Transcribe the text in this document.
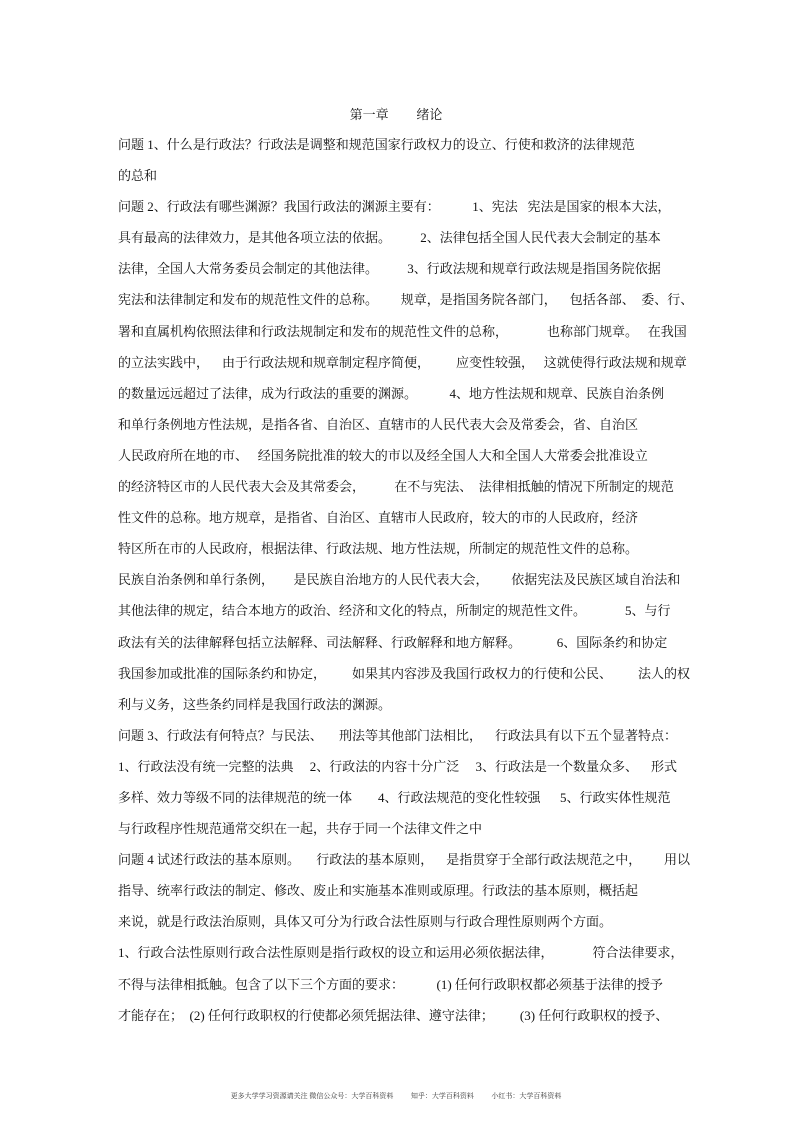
第一章   绪论
问题 1、什么是行政法？行政法是调整和规范国家行政权力的设立、行使和救济的法律规范
的总和
问题 2、行政法有哪些渊源？我国行政法的渊源主要有：          1、宪法   宪法是国家的根本大法，
具有最高的法律效力，是其他各项立法的依据。         2、法律包括全国人民代表大会制定的基本
法律，全国人大常务委员会制定的其他法律。         3、行政法规和规章行政法规是指国务院依据
宪法和法律制定和发布的规范性文件的总称。       规章，是指国务院各部门，    包括各部、  委、行、
署和直属机构依照法律和行政法规制定和发布的规范性文件的总称，            也称部门规章。   在我国
的立法实践中，    由于行政法规和规章制定程序简便，        应变性较强，   这就使得行政法规和规章
的数量远远超过了法律，成为行政法的重要的渊源。          4、地方性法规和规章、民族自治条例
和单行条例地方性法规，是指各省、自治区、直辖市的人民代表大会及常委会，省、自治区
人民政府所在地的市、   经国务院批准的较大的市以及经全国人大和全国人大常委会批准设立
的经济特区市的人民代表大会及其常委会，         在不与宪法、  法律相抵触的情况下所制定的规范
性文件的总称。地方规章，是指省、自治区、直辖市人民政府，较大的市的人民政府，经济
特区所在市的人民政府，根据法律、行政法规、地方性法规，所制定的规范性文件的总称。
民族自治条例和单行条例，      是民族自治地方的人民代表大会，       依据宪法及民族区域自治法和
其他法律的规定，结合本地方的政治、经济和文化的特点，所制定的规范性文件。            5、与行
政法有关的法律解释包括立法解释、司法解释、行政解释和地方解释。           6、国际条约和协定
我国参加或批准的国际条约和协定，        如果其内容涉及我国行政权力的行使和公民、        法人的权
利与义务，这些条约同样是我国行政法的渊源。
问题 3、行政法有何特点？与民法、     刑法等其他部门法相比，    行政法具有以下五个显著特点：
1、行政法没有统一完整的法典     2、行政法的内容十分广泛     3、行政法是一个数量众多、    形式
多样、效力等级不同的法律规范的统一体        4、行政法规范的变化性较强      5、行政实体性规范
与行政程序性规范通常交织在一起，共存于同一个法律文件之中
问题 4 试述行政法的基本原则。     行政法的基本原则，    是指贯穿于全部行政法规范之中，       用以
指导、统率行政法的制定、修改、废止和实施基本准则或原理。行政法的基本原则，概括起
来说，就是行政法治原则，具体又可分为行政合法性原则与行政合理性原则两个方面。
1、行政合法性原则行政合法性原则是指行政权的设立和运用必须依据法律，            符合法律要求，
不得与法律相抵触。包含了以下三个方面的要求：          (1) 任何行政职权都必须基于法律的授予
才能存在；  (2) 任何行政职权的行使都必须凭据法律、遵守法律；        (3) 任何行政职权的授予、
更多大学学习资源请关注 微信公众号：大学百科资料          知乎：大学百科资料          小红书：大学百科资料
